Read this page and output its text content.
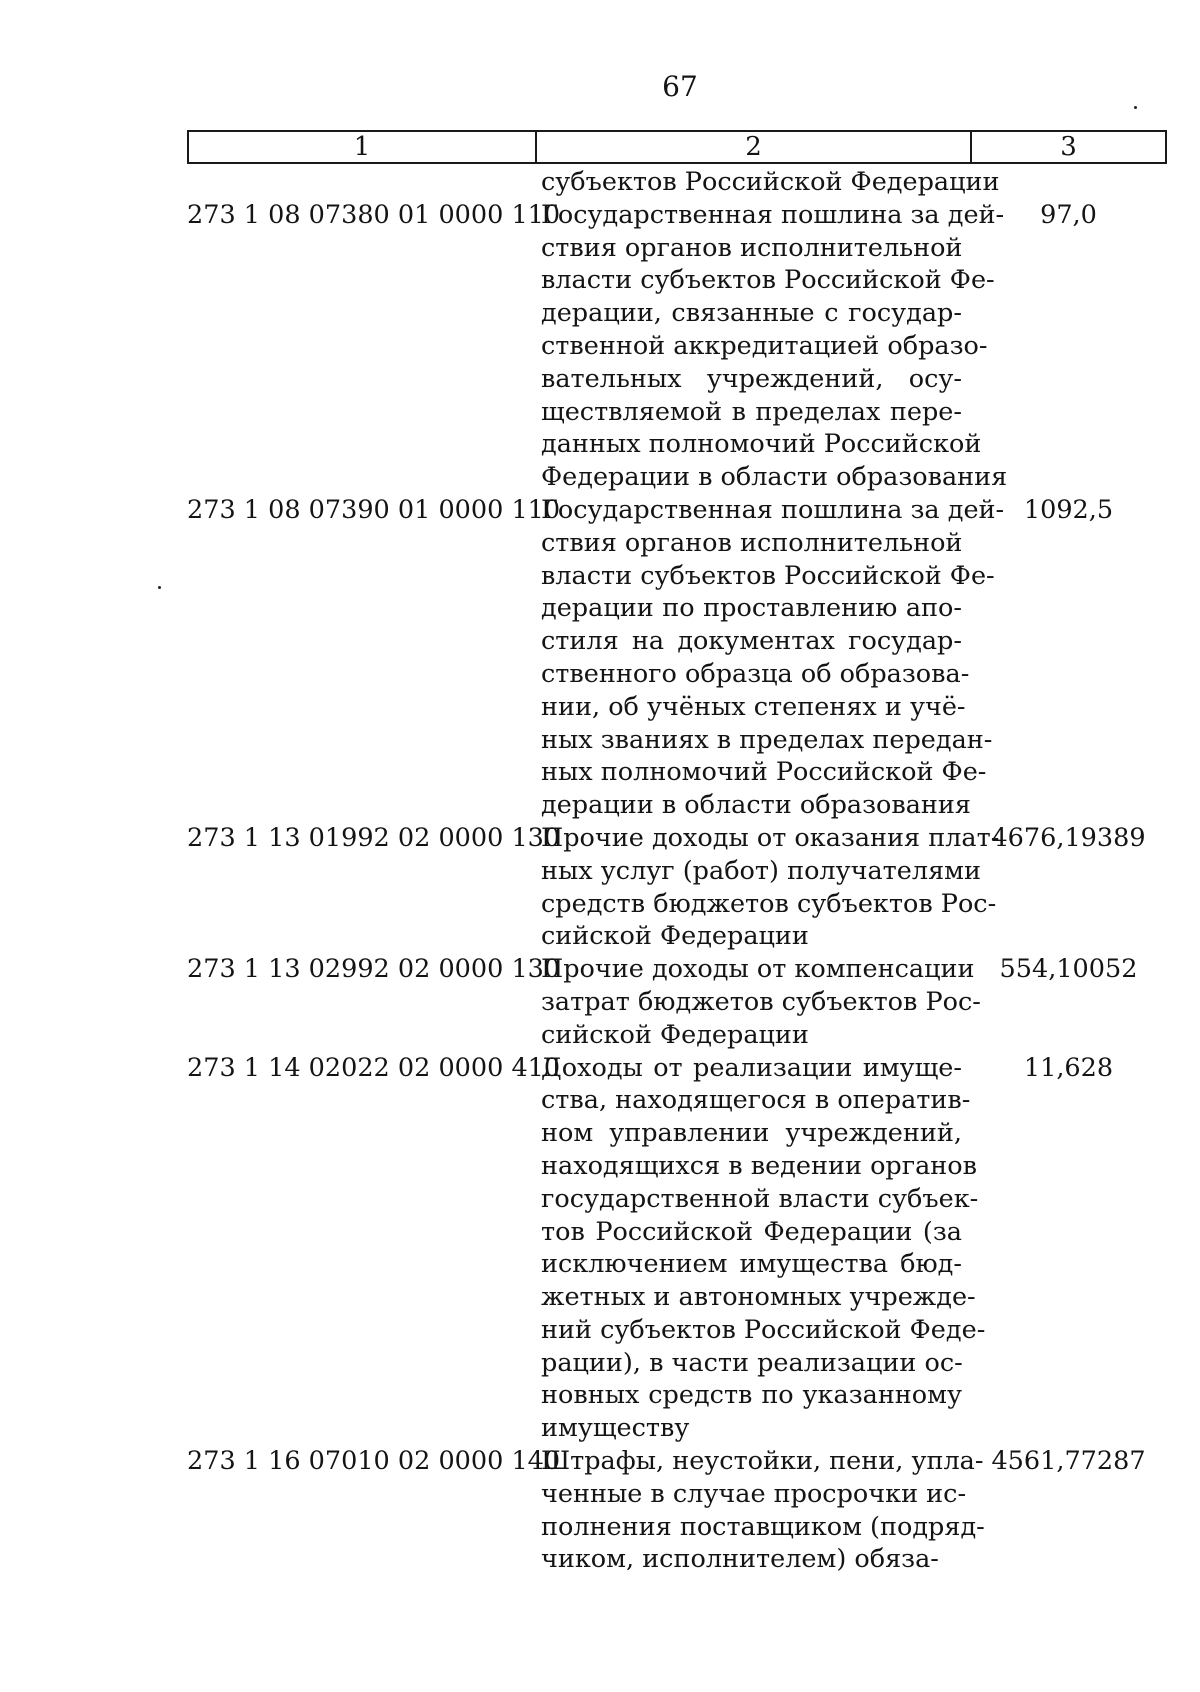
67
1	2	3
субъектов Российской Федерации
273 1 08 07380 01 0000 110
Государственная пошлина за дей-
ствия органов исполнительной
власти субъектов Российской Фе-
дерации, связанные с государ-
ственной аккредитацией образо-
вательных учреждений, осу-
ществляемой в пределах пере-
данных полномочий Российской
Федерации в области образования
97,0
273 1 08 07390 01 0000 110
Государственная пошлина за дей-
ствия органов исполнительной
власти субъектов Российской Фе-
дерации по проставлению апо-
стиля на документах государ-
ственного образца об образова-
нии, об учёных степенях и учё-
ных званиях в пределах передан-
ных полномочий Российской Фе-
дерации в области образования
1092,5
273 1 13 01992 02 0000 130
Прочие доходы от оказания плат-
ных услуг (работ) получателями
средств бюджетов субъектов Рос-
сийской Федерации
4676,19389
273 1 13 02992 02 0000 130
Прочие доходы от компенсации
затрат бюджетов субъектов Рос-
сийской Федерации
554,10052
273 1 14 02022 02 0000 410
Доходы от реализации имуще-
ства, находящегося в оператив-
ном управлении учреждений,
находящихся в ведении органов
государственной власти субъек-
тов Российской Федерации (за
исключением имущества бюд-
жетных и автономных учрежде-
ний субъектов Российской Феде-
рации), в части реализации ос-
новных средств по указанному
имуществу
11,628
273 1 16 07010 02 0000 140
Штрафы, неустойки, пени, упла-
ченные в случае просрочки ис-
полнения поставщиком (подряд-
чиком, исполнителем) обяза-
4561,77287
